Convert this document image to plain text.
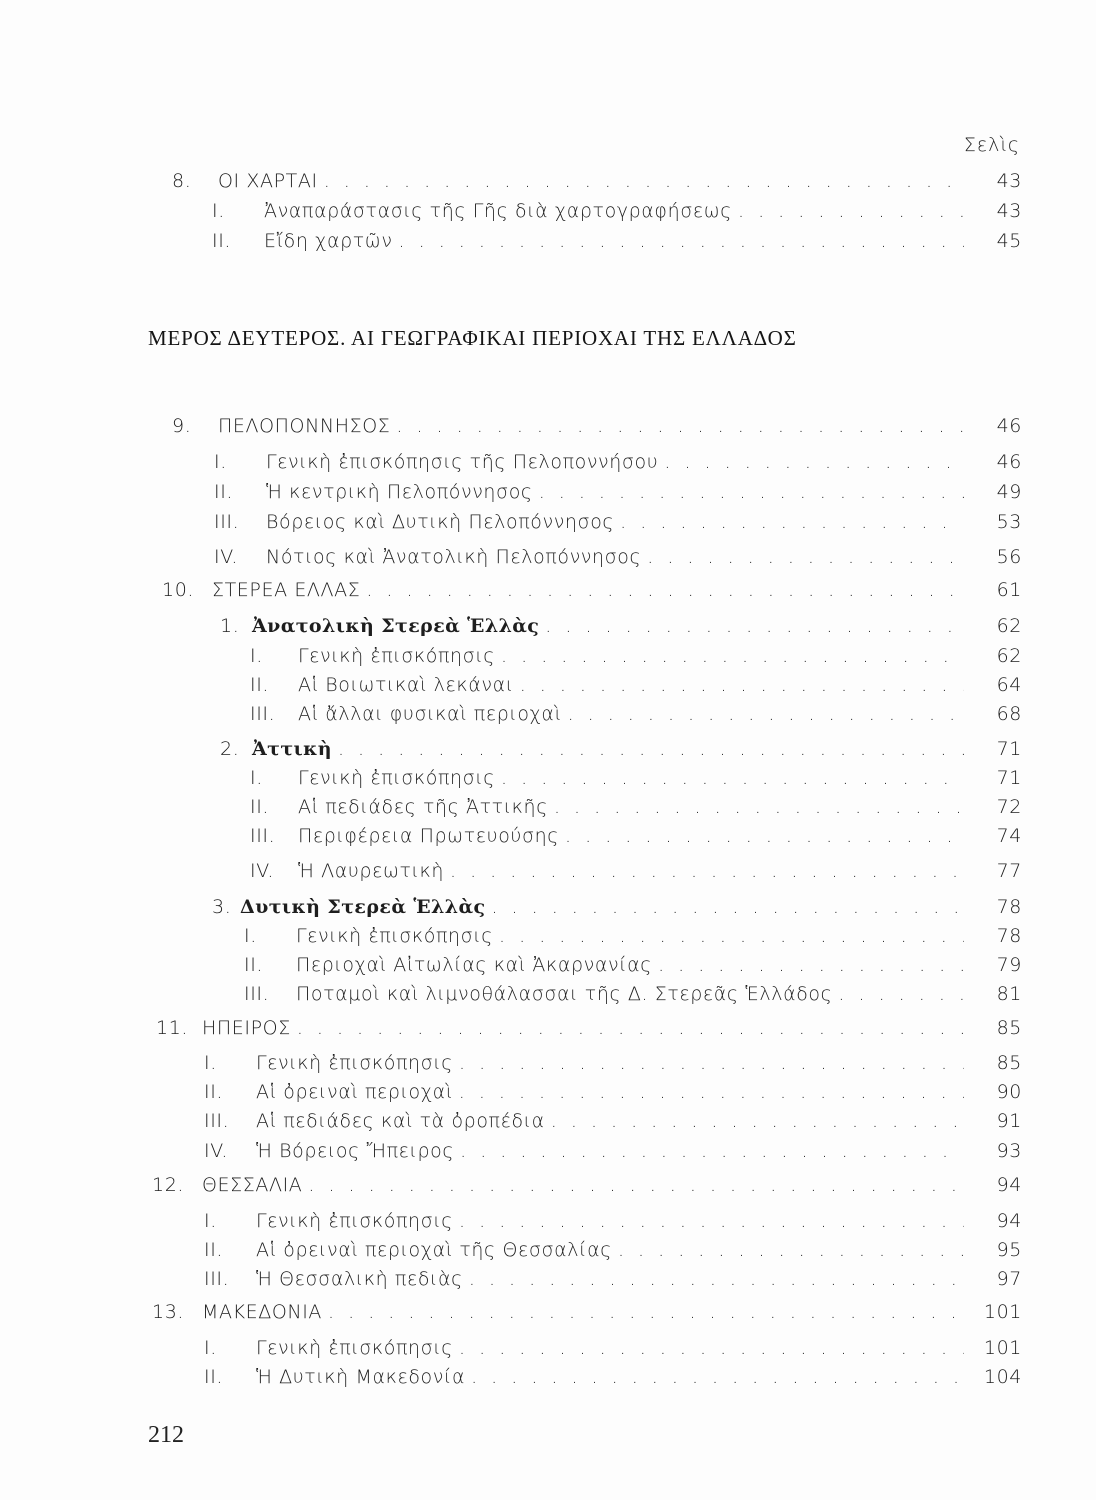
Σελὶς
8.	ΟΙ ΧΑΡΤΑΙ . . .	43
I.	Ἀναπαράστασις τῆς Γῆς διὰ χαρτογραφήσεως . . .	43
II.	Εἴδη χαρτῶν . . .	45
ΜΕΡΟΣ ΔΕΥΤΕΡΟΣ. ΑΙ ΓΕΩΓΡΑΦΙΚΑΙ ΠΕΡΙΟΧΑΙ ΤΗΣ ΕΛΛΑΔΟΣ
9.	ΠΕΛΟΠΟΝΝΗΣΟΣ . . .	46
I.	Γενικὴ ἐπισκόπησις τῆς Πελοποννήσου . . .	46
II.	Ἡ κεντρικὴ Πελοπόννησος . . .	49
III.	Βόρειος καὶ Δυτικὴ Πελοπόννησος . . .	53
IV.	Νότιος καὶ Ἀνατολικὴ Πελοπόννησος . . .	56
10. ΣΤΕΡΕΑ ΕΛΛΑΣ . . .	61
1. Ἀνατολικὴ Στερεὰ Ἑλλὰς . . .	62
I.	Γενικὴ ἐπισκόπησις . . .	62
II.	Αἱ Βοιωτικαὶ λεκάναι . . .	64
III.	Αἱ ἄλλαι φυσικαὶ περιοχαὶ . . .	68
2. Ἀττικὴ . . .	71
I.	Γενικὴ ἐπισκόπησις . . .	71
II.	Αἱ πεδιάδες τῆς Ἀττικῆς . . .	72
III.	Περιφέρεια Πρωτευούσης . . .	74
IV.	Ἡ Λαυρεωτικὴ . . .	77
3. Δυτικὴ Στερεὰ Ἑλλὰς . . .	78
I.	Γενικὴ ἐπισκόπησις . . .	78
II.	Περιοχαὶ Αἰτωλίας καὶ Ἀκαρνανίας . . .	79
III.	Ποταμοὶ καὶ λιμνοθάλασσαι τῆς Δ. Στερεᾶς Ἑλλάδος . . .	81
11. ΗΠΕΙΡΟΣ . . .	85
I.	Γενικὴ ἐπισκόπησις . . .	85
II.	Αἱ ὀρειναὶ περιοχαὶ . . .	90
III.	Αἱ πεδιάδες καὶ τὰ ὀροπέδια . . .	91
IV.	Ἡ Βόρειος Ἤπειρος . . .	93
12. ΘΕΣΣΑΛΙΑ . . .	94
I.	Γενικὴ ἐπισκόπησις . . .	94
II.	Αἱ ὀρειναὶ περιοχαὶ τῆς Θεσσαλίας . . .	95
III.	Ἡ Θεσσαλικὴ πεδιὰς . . .	97
13. ΜΑΚΕΔΟΝΙΑ . . .	101
I.	Γενικὴ ἐπισκόπησις . . .	101
II.	Ἡ Δυτικὴ Μακεδονία . . .	104
212
